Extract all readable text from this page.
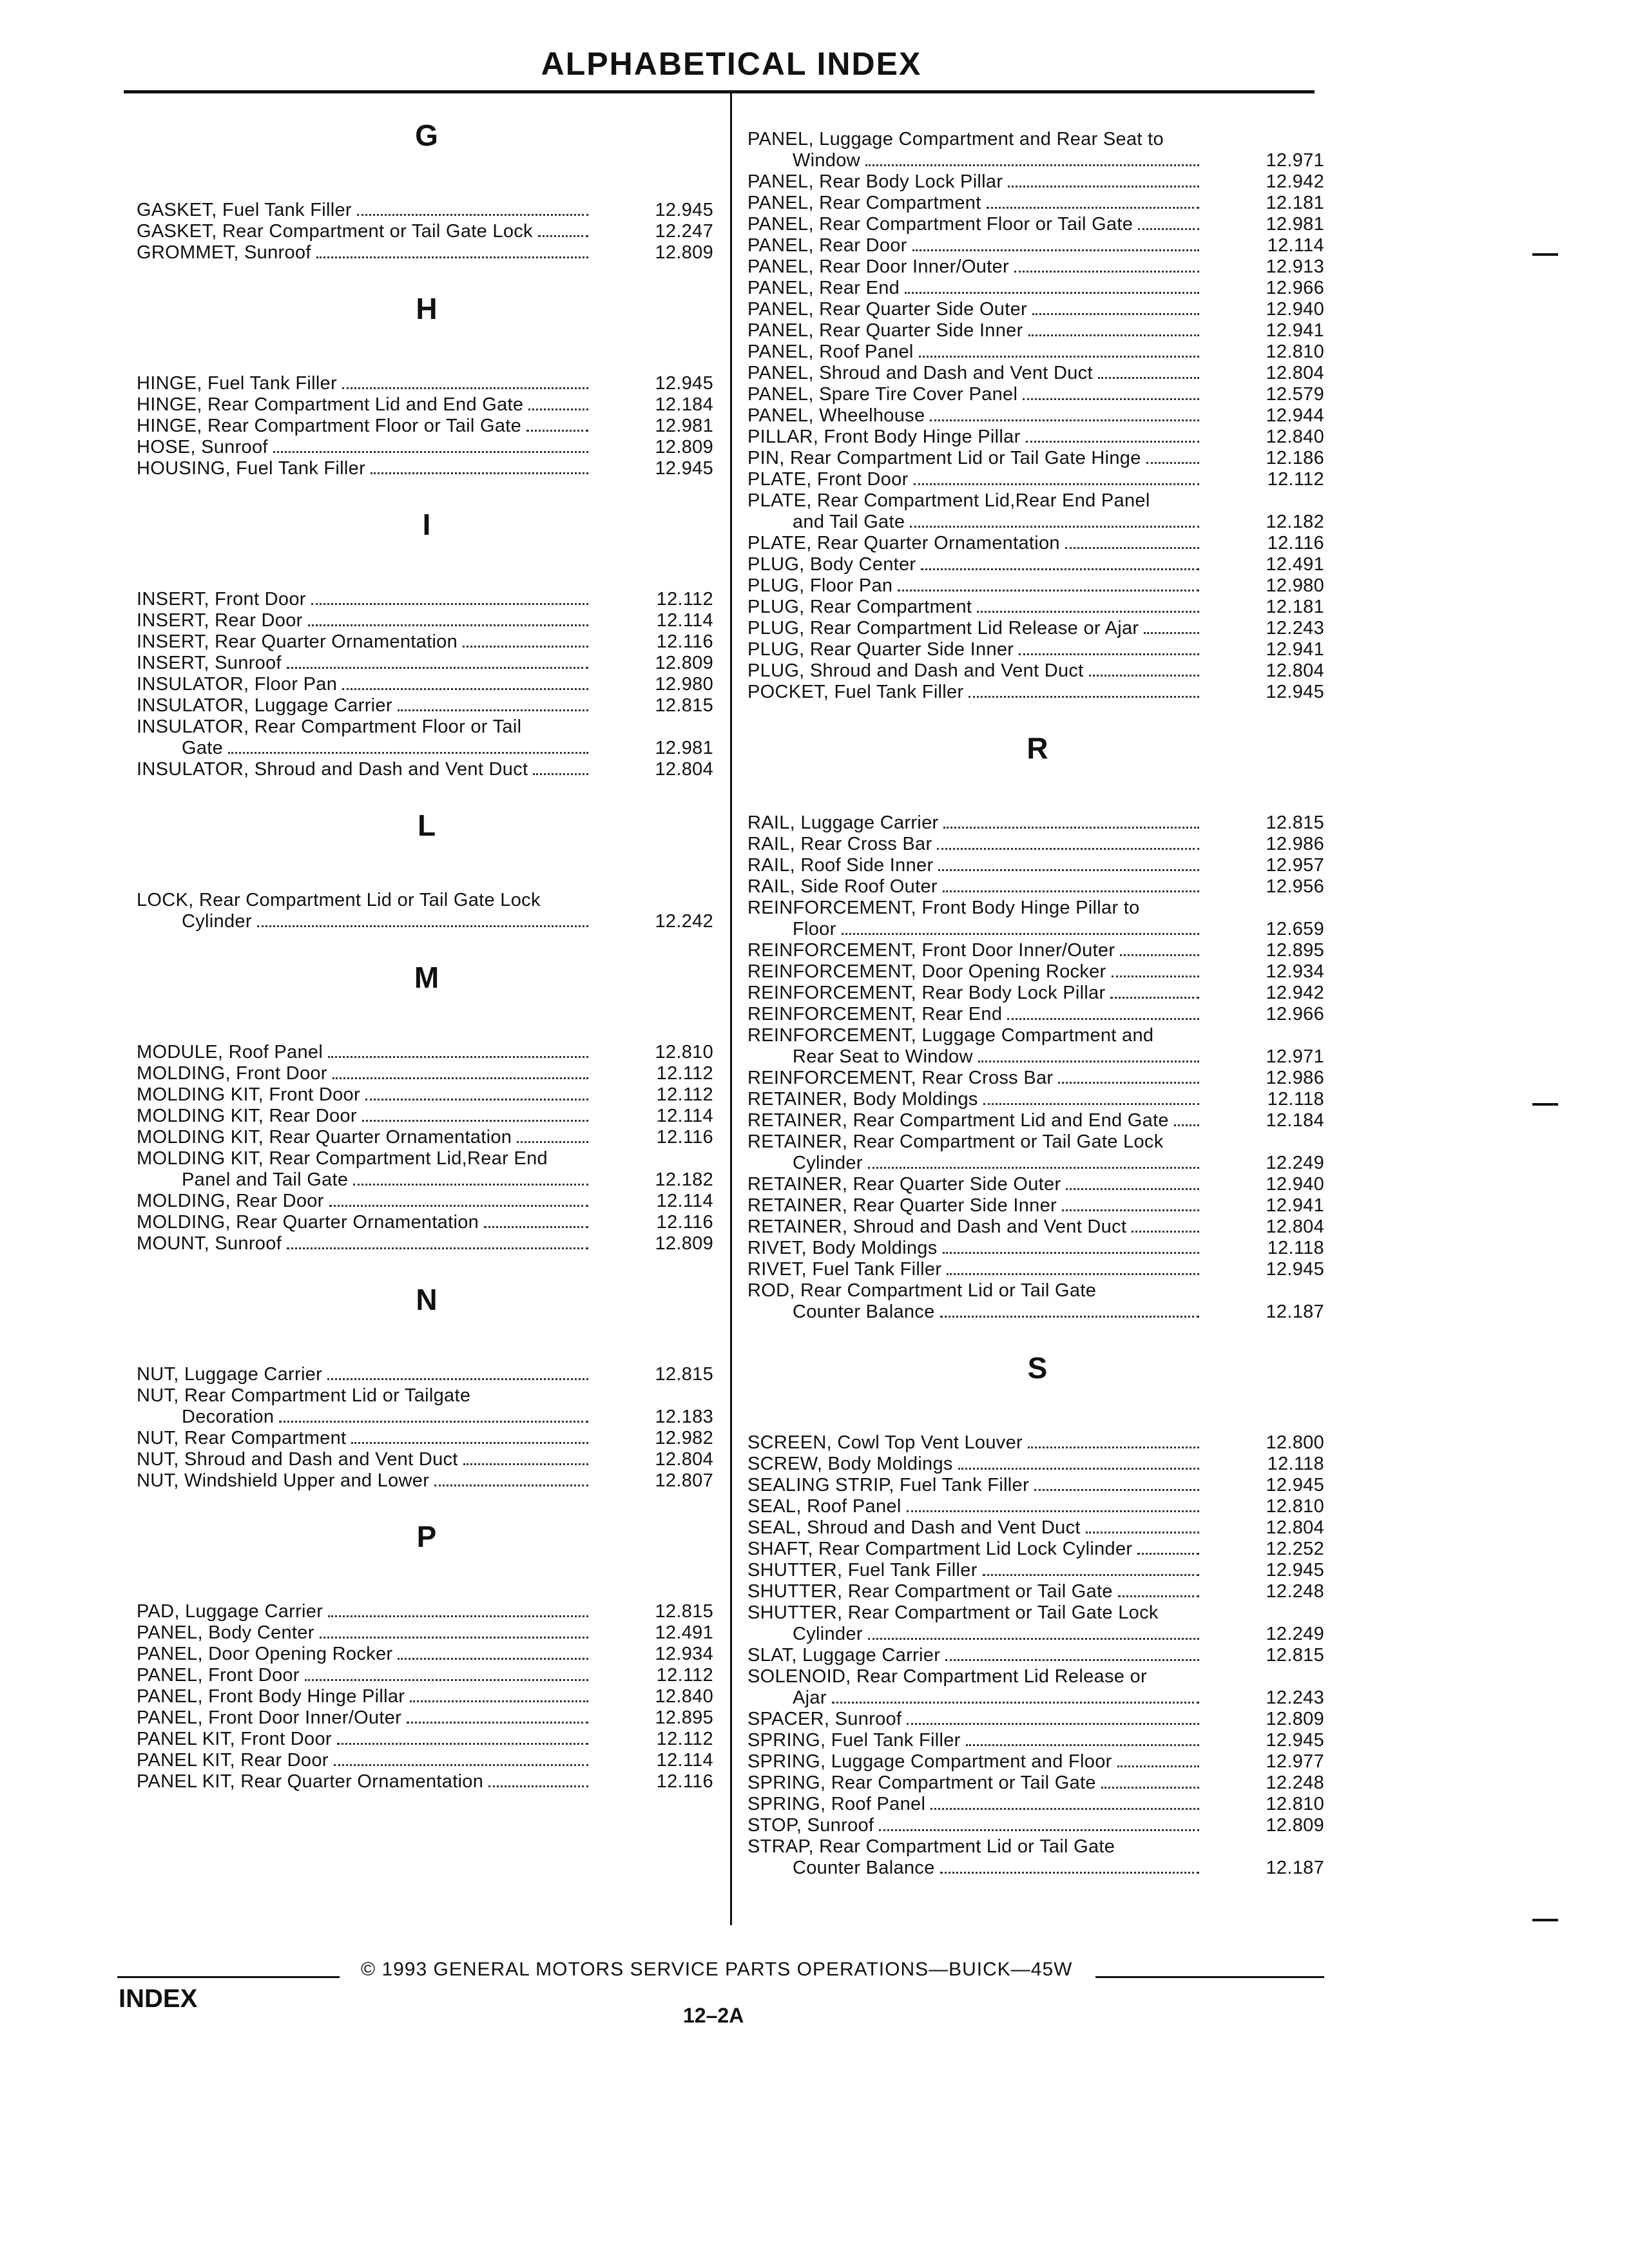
ALPHABETICAL INDEX
G
GASKET, Fuel Tank Filler	12.945
GASKET, Rear Compartment or Tail Gate Lock	12.247
GROMMET, Sunroof	12.809
H
HINGE, Fuel Tank Filler	12.945
HINGE, Rear Compartment Lid and End Gate	12.184
HINGE, Rear Compartment Floor or Tail Gate	12.981
HOSE, Sunroof	12.809
HOUSING, Fuel Tank Filler	12.945
I
INSERT, Front Door	12.112
INSERT, Rear Door	12.114
INSERT, Rear Quarter Ornamentation	12.116
INSERT, Sunroof	12.809
INSULATOR, Floor Pan	12.980
INSULATOR, Luggage Carrier	12.815
INSULATOR, Rear Compartment Floor or Tail
Gate	12.981
INSULATOR, Shroud and Dash and Vent Duct	12.804
L
LOCK, Rear Compartment Lid or Tail Gate Lock
Cylinder	12.242
M
MODULE, Roof Panel	12.810
MOLDING, Front Door	12.112
MOLDING KIT, Front Door	12.112
MOLDING KIT, Rear Door	12.114
MOLDING KIT, Rear Quarter Ornamentation	12.116
MOLDING KIT, Rear Compartment Lid,Rear End
Panel and Tail Gate	12.182
MOLDING, Rear Door	12.114
MOLDING, Rear Quarter Ornamentation	12.116
MOUNT, Sunroof	12.809
N
NUT, Luggage Carrier	12.815
NUT, Rear Compartment Lid or Tailgate
Decoration	12.183
NUT, Rear Compartment	12.982
NUT, Shroud and Dash and Vent Duct	12.804
NUT, Windshield Upper and Lower	12.807
P
PAD, Luggage Carrier	12.815
PANEL, Body Center	12.491
PANEL, Door Opening Rocker	12.934
PANEL, Front Door	12.112
PANEL, Front Body Hinge Pillar	12.840
PANEL, Front Door Inner/Outer	12.895
PANEL KIT, Front Door	12.112
PANEL KIT, Rear Door	12.114
PANEL KIT, Rear Quarter Ornamentation	12.116
PANEL, Luggage Compartment and Rear Seat to
Window	12.971
PANEL, Rear Body Lock Pillar	12.942
PANEL, Rear Compartment	12.181
PANEL, Rear Compartment Floor or Tail Gate	12.981
PANEL, Rear Door	12.114
PANEL, Rear Door Inner/Outer	12.913
PANEL, Rear End	12.966
PANEL, Rear Quarter Side Outer	12.940
PANEL, Rear Quarter Side Inner	12.941
PANEL, Roof Panel	12.810
PANEL, Shroud and Dash and Vent Duct	12.804
PANEL, Spare Tire Cover Panel	12.579
PANEL, Wheelhouse	12.944
PILLAR, Front Body Hinge Pillar	12.840
PIN, Rear Compartment Lid or Tail Gate Hinge	12.186
PLATE, Front Door	12.112
PLATE, Rear Compartment Lid,Rear End Panel
and Tail Gate	12.182
PLATE, Rear Quarter Ornamentation	12.116
PLUG, Body Center	12.491
PLUG, Floor Pan	12.980
PLUG, Rear Compartment	12.181
PLUG, Rear Compartment Lid Release or Ajar	12.243
PLUG, Rear Quarter Side Inner	12.941
PLUG, Shroud and Dash and Vent Duct	12.804
POCKET, Fuel Tank Filler	12.945
R
RAIL, Luggage Carrier	12.815
RAIL, Rear Cross Bar	12.986
RAIL, Roof Side Inner	12.957
RAIL, Side Roof Outer	12.956
REINFORCEMENT, Front Body Hinge Pillar to
Floor	12.659
REINFORCEMENT, Front Door Inner/Outer	12.895
REINFORCEMENT, Door Opening Rocker	12.934
REINFORCEMENT, Rear Body Lock Pillar	12.942
REINFORCEMENT, Rear End	12.966
REINFORCEMENT, Luggage Compartment and
Rear Seat to Window	12.971
REINFORCEMENT, Rear Cross Bar	12.986
RETAINER, Body Moldings	12.118
RETAINER, Rear Compartment Lid and End Gate	12.184
RETAINER, Rear Compartment or Tail Gate Lock
Cylinder	12.249
RETAINER, Rear Quarter Side Outer	12.940
RETAINER, Rear Quarter Side Inner	12.941
RETAINER, Shroud and Dash and Vent Duct	12.804
RIVET, Body Moldings	12.118
RIVET, Fuel Tank Filler	12.945
ROD, Rear Compartment Lid or Tail Gate
Counter Balance	12.187
S
SCREEN, Cowl Top Vent Louver	12.800
SCREW, Body Moldings	12.118
SEALING STRIP, Fuel Tank Filler	12.945
SEAL, Roof Panel	12.810
SEAL, Shroud and Dash and Vent Duct	12.804
SHAFT, Rear Compartment Lid Lock Cylinder	12.252
SHUTTER, Fuel Tank Filler	12.945
SHUTTER, Rear Compartment or Tail Gate	12.248
SHUTTER, Rear Compartment or Tail Gate Lock
Cylinder	12.249
SLAT, Luggage Carrier	12.815
SOLENOID, Rear Compartment Lid Release or
Ajar	12.243
SPACER, Sunroof	12.809
SPRING, Fuel Tank Filler	12.945
SPRING, Luggage Compartment and Floor	12.977
SPRING, Rear Compartment or Tail Gate	12.248
SPRING, Roof Panel	12.810
STOP, Sunroof	12.809
STRAP, Rear Compartment Lid or Tail Gate
Counter Balance	12.187
© 1993 GENERAL MOTORS SERVICE PARTS OPERATIONS—BUICK—45W
INDEX
12–2A
